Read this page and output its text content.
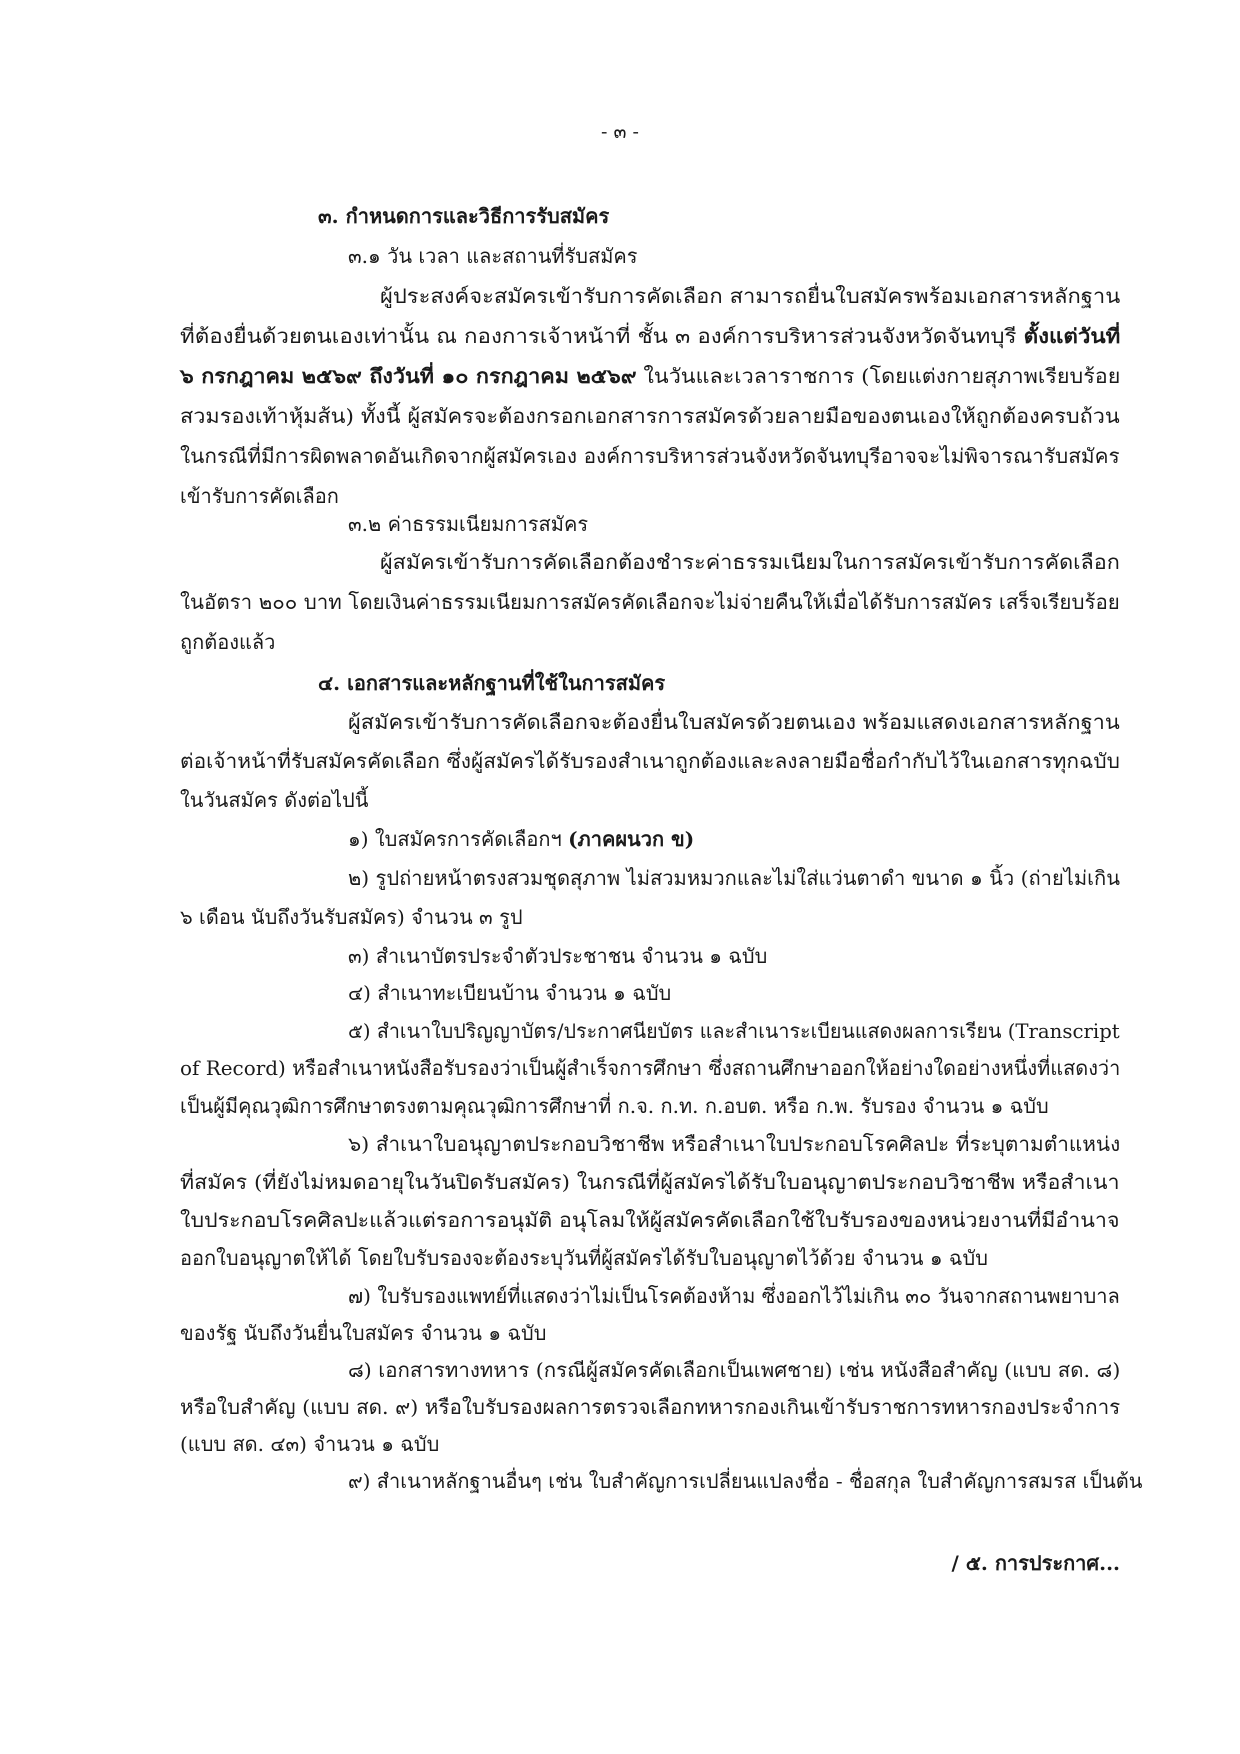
- ๓ -
๓. กำหนดการและวิธีการรับสมัคร
๓.๑ วัน เวลา และสถานที่รับสมัคร
ผู้ประสงค์จะสมัครเข้ารับการคัดเลือก สามารถยื่นใบสมัครพร้อมเอกสารหลักฐาน
ที่ต้องยื่นด้วยตนเองเท่านั้น ณ กองการเจ้าหน้าที่ ชั้น ๓ องค์การบริหารส่วนจังหวัดจันทบุรี ตั้งแต่วันที่
๖ กรกฎาคม ๒๕๖๙ ถึงวันที่ ๑๐ กรกฎาคม ๒๕๖๙ ในวันและเวลาราชการ (โดยแต่งกายสุภาพเรียบร้อย
สวมรองเท้าหุ้มส้น) ทั้งนี้ ผู้สมัครจะต้องกรอกเอกสารการสมัครด้วยลายมือของตนเองให้ถูกต้องครบถ้วน
ในกรณีที่มีการผิดพลาดอันเกิดจากผู้สมัครเอง องค์การบริหารส่วนจังหวัดจันทบุรีอาจจะไม่พิจารณารับสมัคร
เข้ารับการคัดเลือก
๓.๒ ค่าธรรมเนียมการสมัคร
ผู้สมัครเข้ารับการคัดเลือกต้องชำระค่าธรรมเนียมในการสมัครเข้ารับการคัดเลือก
ในอัตรา ๒๐๐ บาท โดยเงินค่าธรรมเนียมการสมัครคัดเลือกจะไม่จ่ายคืนให้เมื่อได้รับการสมัคร เสร็จเรียบร้อย
ถูกต้องแล้ว
๔. เอกสารและหลักฐานที่ใช้ในการสมัคร
ผู้สมัครเข้ารับการคัดเลือกจะต้องยื่นใบสมัครด้วยตนเอง พร้อมแสดงเอกสารหลักฐาน
ต่อเจ้าหน้าที่รับสมัครคัดเลือก ซึ่งผู้สมัครได้รับรองสำเนาถูกต้องและลงลายมือชื่อกำกับไว้ในเอกสารทุกฉบับ
ในวันสมัคร ดังต่อไปนี้
๑) ใบสมัครการคัดเลือกฯ (ภาคผนวก ข)
๒) รูปถ่ายหน้าตรงสวมชุดสุภาพ ไม่สวมหมวกและไม่ใส่แว่นตาดำ ขนาด ๑ นิ้ว (ถ่ายไม่เกิน
๖ เดือน นับถึงวันรับสมัคร) จำนวน ๓ รูป
๓) สำเนาบัตรประจำตัวประชาชน จำนวน ๑ ฉบับ
๔) สำเนาทะเบียนบ้าน จำนวน ๑ ฉบับ
๕) สำเนาใบปริญญาบัตร/ประกาศนียบัตร และสำเนาระเบียนแสดงผลการเรียน (Transcript
of Record) หรือสำเนาหนังสือรับรองว่าเป็นผู้สำเร็จการศึกษา ซึ่งสถานศึกษาออกให้อย่างใดอย่างหนึ่งที่แสดงว่า
เป็นผู้มีคุณวุฒิการศึกษาตรงตามคุณวุฒิการศึกษาที่ ก.จ. ก.ท. ก.อบต. หรือ ก.พ. รับรอง จำนวน ๑ ฉบับ
๖) สำเนาใบอนุญาตประกอบวิชาชีพ หรือสำเนาใบประกอบโรคศิลปะ ที่ระบุตามตำแหน่ง
ที่สมัคร (ที่ยังไม่หมดอายุในวันปิดรับสมัคร) ในกรณีที่ผู้สมัครได้รับใบอนุญาตประกอบวิชาชีพ หรือสำเนา
ใบประกอบโรคศิลปะแล้วแต่รอการอนุมัติ อนุโลมให้ผู้สมัครคัดเลือกใช้ใบรับรองของหน่วยงานที่มีอำนาจ
ออกใบอนุญาตให้ได้ โดยใบรับรองจะต้องระบุวันที่ผู้สมัครได้รับใบอนุญาตไว้ด้วย จำนวน ๑ ฉบับ
๗) ใบรับรองแพทย์ที่แสดงว่าไม่เป็นโรคต้องห้าม ซึ่งออกไว้ไม่เกิน ๓๐ วันจากสถานพยาบาล
ของรัฐ นับถึงวันยื่นใบสมัคร จำนวน ๑ ฉบับ
๘) เอกสารทางทหาร (กรณีผู้สมัครคัดเลือกเป็นเพศชาย) เช่น หนังสือสำคัญ (แบบ สด. ๘)
หรือใบสำคัญ (แบบ สด. ๙) หรือใบรับรองผลการตรวจเลือกทหารกองเกินเข้ารับราชการทหารกองประจำการ
(แบบ สด. ๔๓) จำนวน ๑ ฉบับ
๙) สำเนาหลักฐานอื่นๆ เช่น ใบสำคัญการเปลี่ยนแปลงชื่อ - ชื่อสกุล ใบสำคัญการสมรส เป็นต้น
/ ๕. การประกาศ...
